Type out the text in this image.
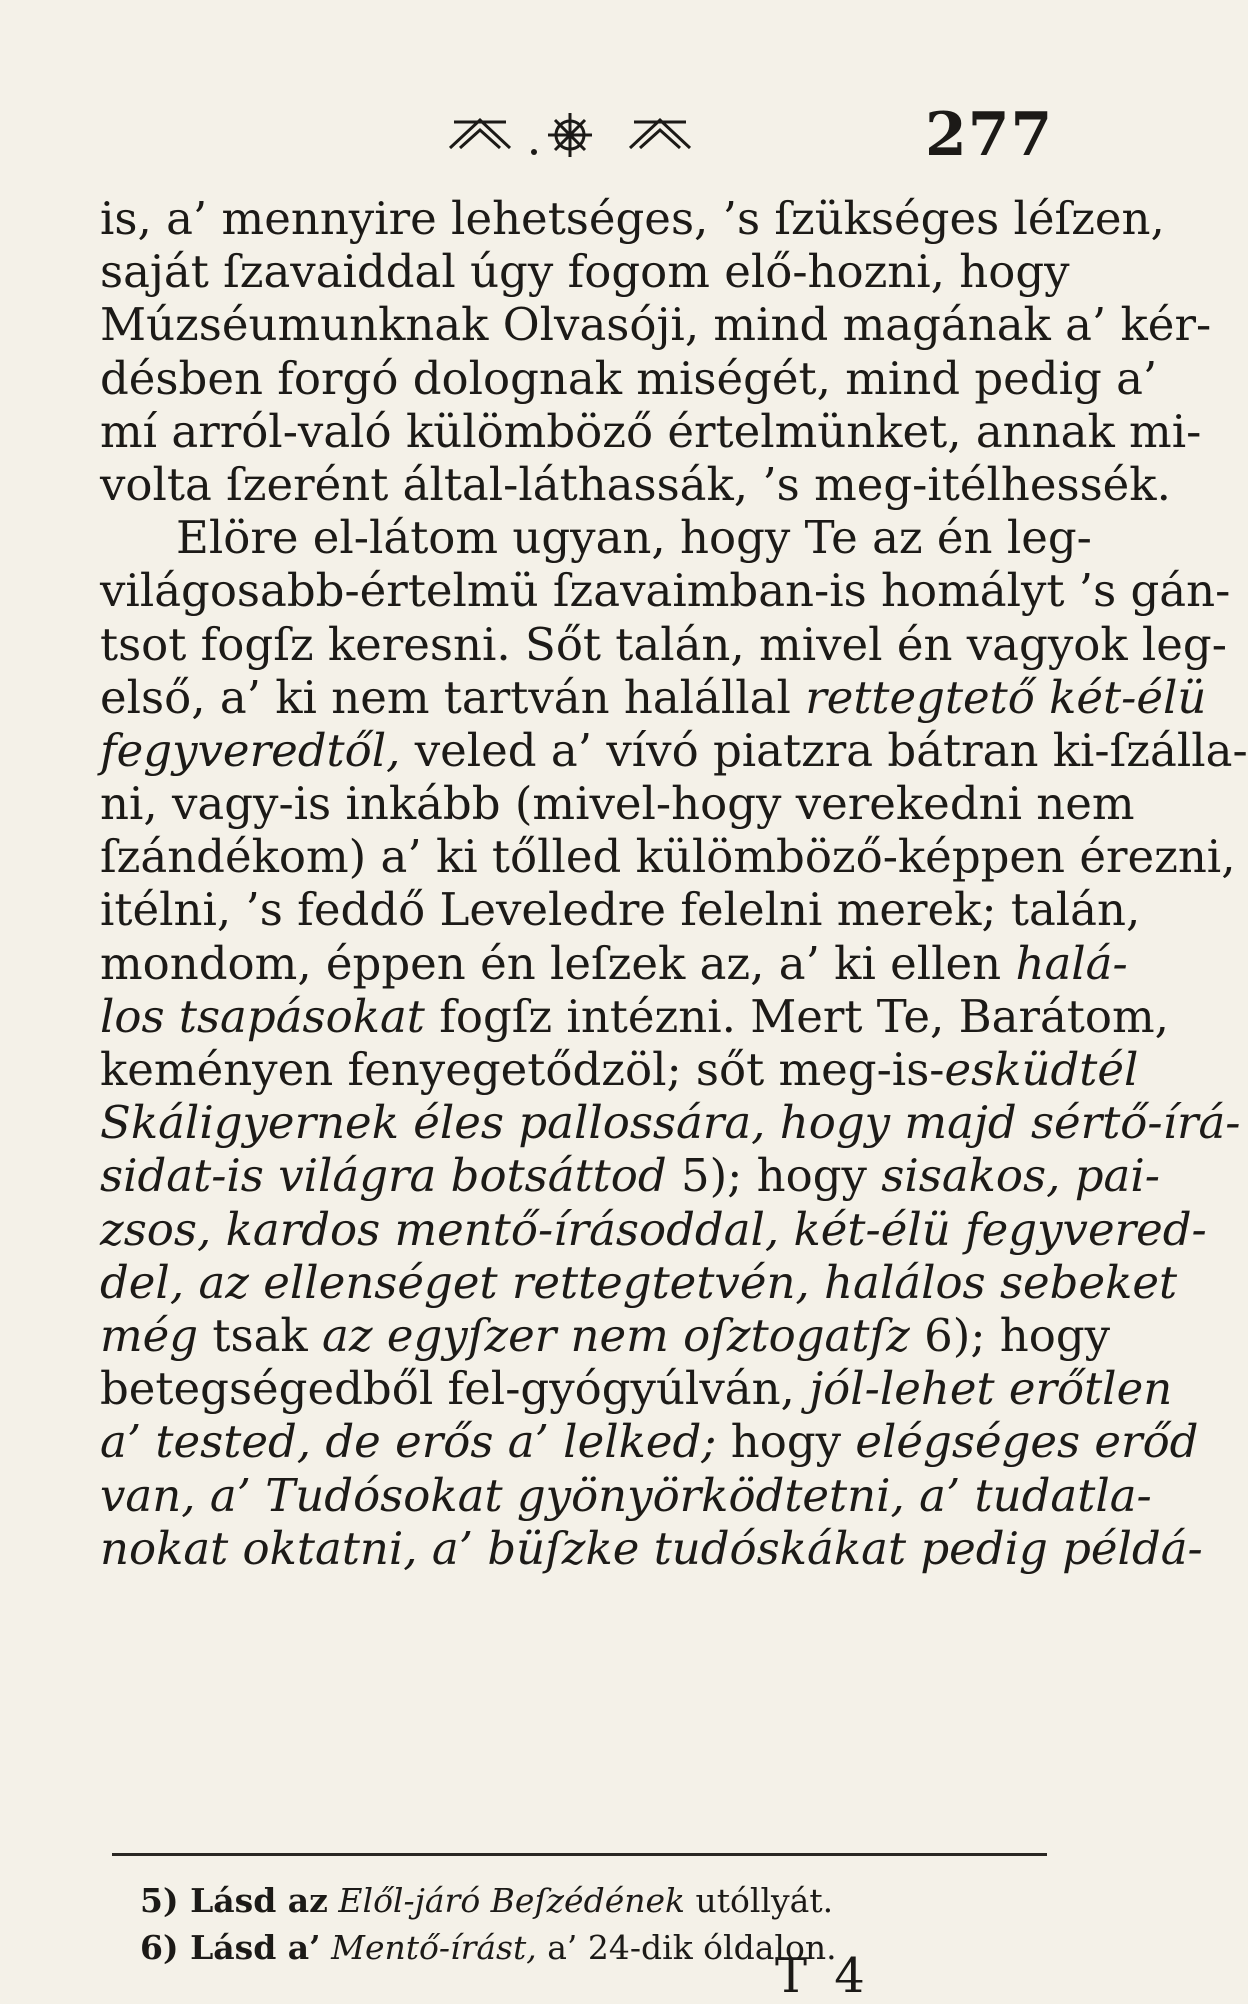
277
is, a’ mennyire lehetséges, ’s ſzükséges léſzen,
saját ſzavaiddal úgy fogom elő-hozni, hogy
Múzséumunknak Olvasóji, mind magának a’ kér-
désben forgó dolognak miségét, mind pedig a’
mí arról-való külömböző értelmünket, annak mi-
volta ſzerént által-láthassák, ’s meg-itélhessék.
Elöre el-látom ugyan, hogy Te az én leg-
világosabb-értelmü ſzavaimban-is homályt ’s gán-
tsot fogſz keresni. Sőt talán, mivel én vagyok leg-
első, a’ ki nem tartván halállal rettegtető két-élü
fegyveredtől, veled a’ vívó piatzra bátran ki-ſzálla-
ni, vagy-is inkább (mivel-hogy verekedni nem
ſzándékom) a’ ki tőlled külömböző-képpen érezni,
itélni, ’s feddő Leveledre felelni merek; talán,
mondom, éppen én leſzek az, a’ ki ellen halá-
los tsapásokat fogſz intézni. Mert Te, Barátom,
keményen fenyegetődzöl; sőt meg-is-esküdtél
Skáligyernek éles pallossára, hogy majd sértő-írá-
sidat-is világra botsáttod 5); hogy sisakos, pai-
zsos, kardos mentő-írásoddal, két-élü fegyvered-
del, az ellenséget rettegtetvén, halálos sebeket
még tsak az egyſzer nem oſztogatſz 6); hogy
betegségedből fel-gyógyúlván, jól-lehet erőtlen
a’ tested, de erős a’ lelked; hogy elégséges erőd
van, a’ Tudósokat gyönyörködtetni, a’ tudatla-
nokat oktatni, a’ büſzke tudóskákat pedig példá-
5) Lásd az Elől-járó Beſzédének utóllyát.
6) Lásd a’ Mentő-írást, a’ 24-dik óldalon.
T 4
